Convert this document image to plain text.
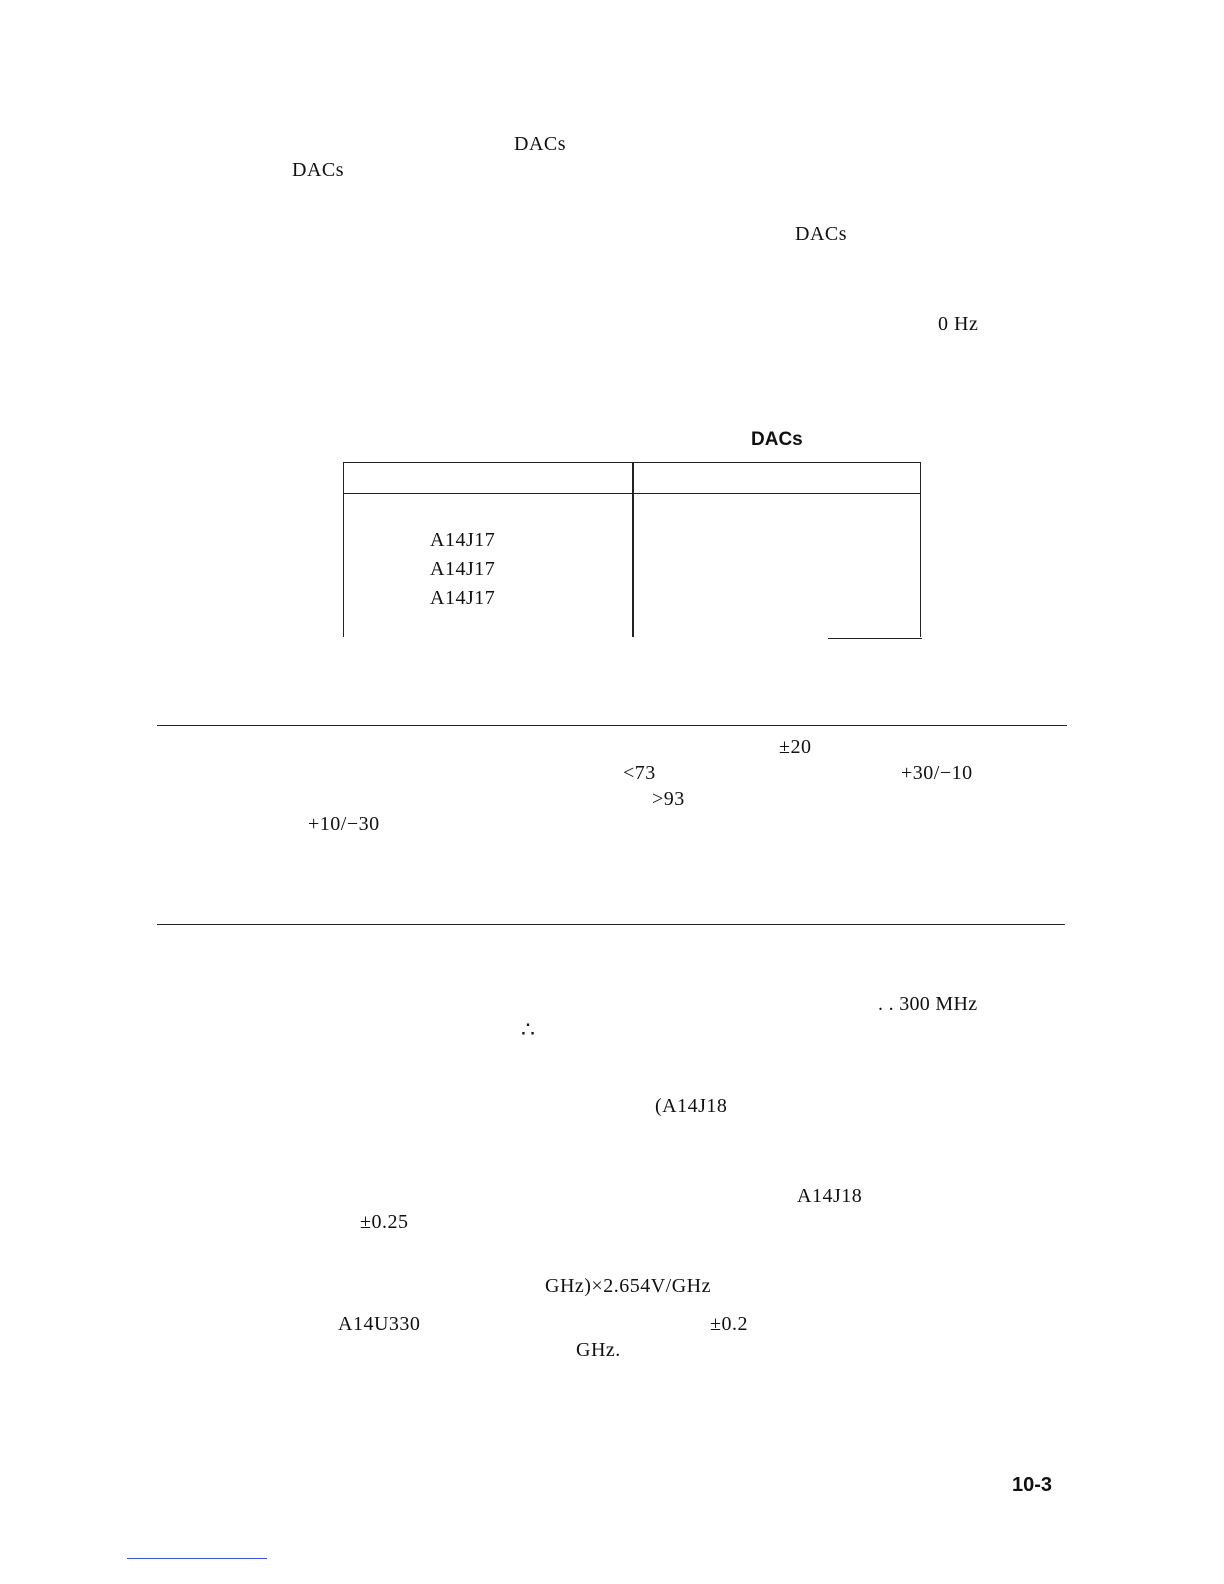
DACs
DACs
DACs
0 Hz
DACs
A14J17
A14J17
A14J17
±20
<73	+30/−10
>93
+10/−30
. . 300 MHz
∴
(A14J18
A14J18
±0.25
GHz)×2.654V/GHz
A14U330	±0.2
GHz.
10-3
